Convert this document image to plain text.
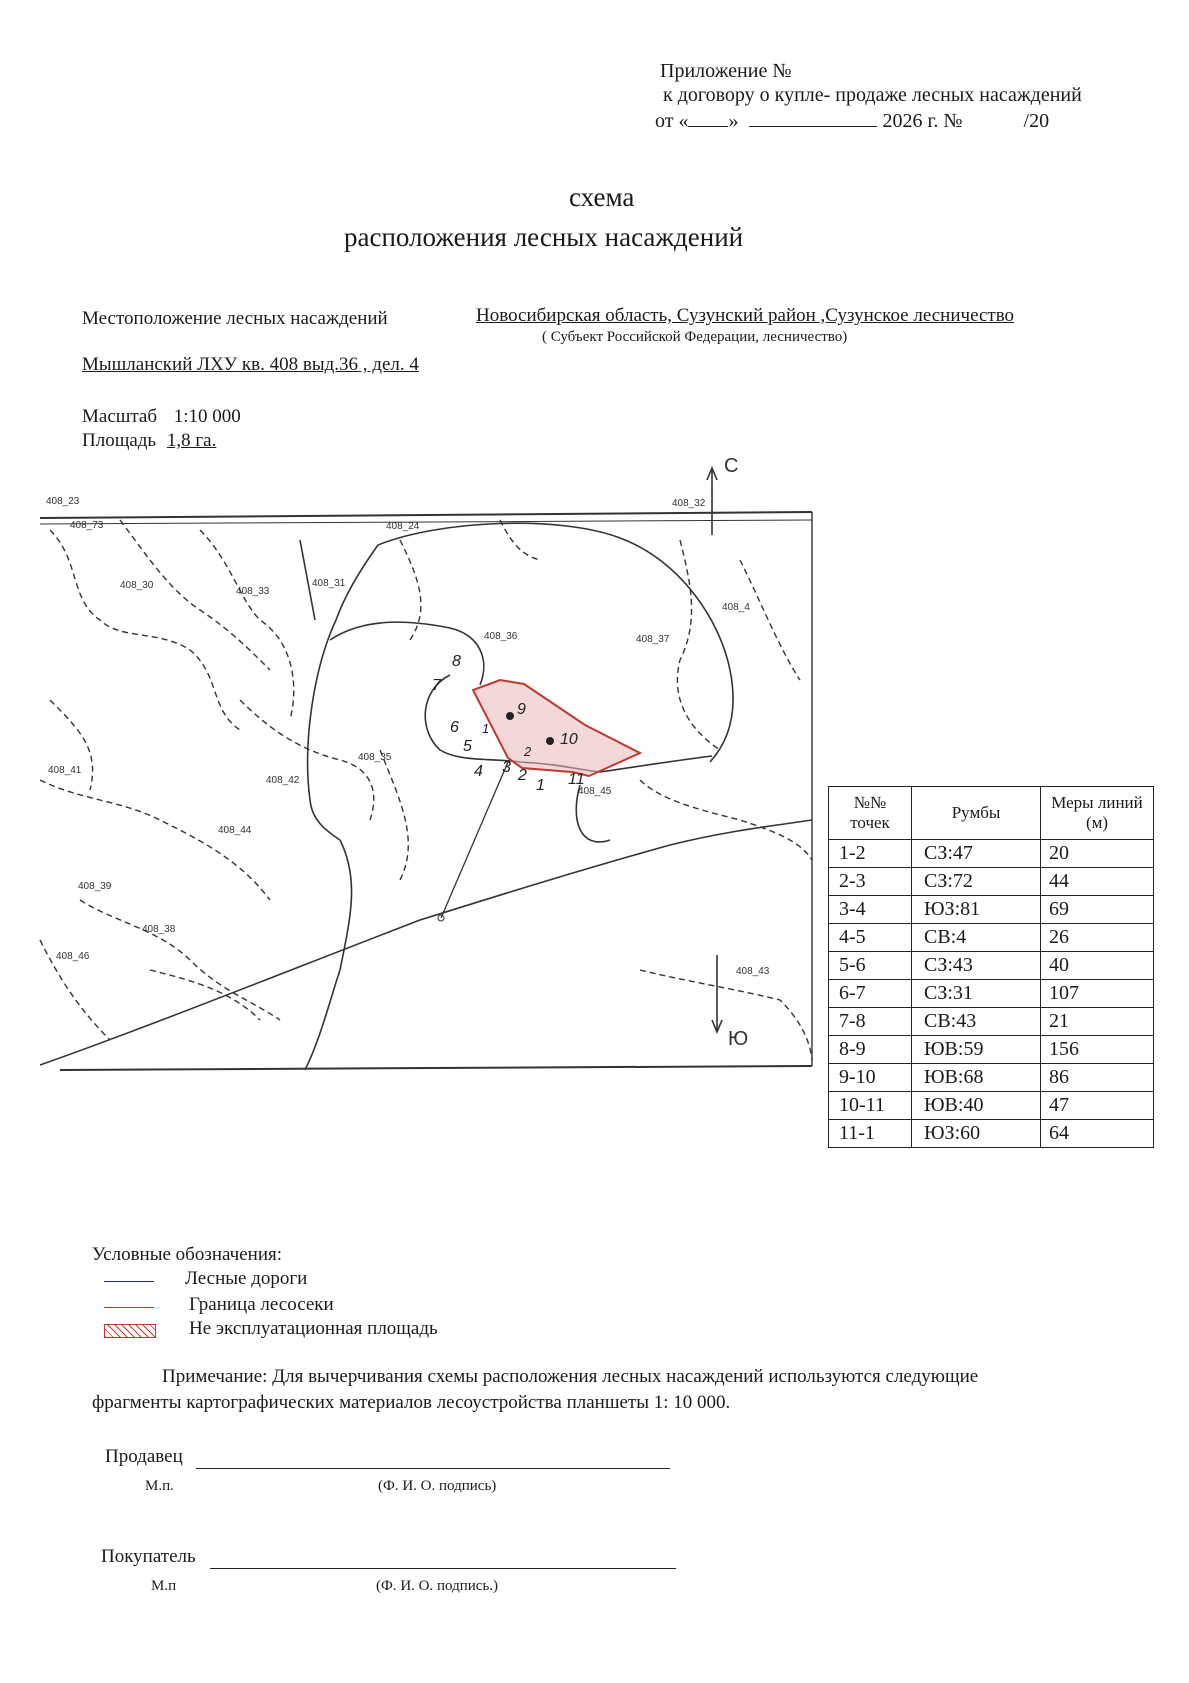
Приложение №
к договору о купле- продаже лесных насаждений
от « »	2026 г. №	/20
схема
расположения лесных насаждений
Местоположение лесных насаждений	Новосибирская область, Сузунский район ,Сузунское лесничество
( Субъект Российской Федерации, лесничество)
Мышланский ЛХУ кв. 408 выд.36 , дел. 4
Масштаб 1:10 000
Площадь 1,8 га.
С
Ю
408_23
408_73	408_24
408_30
408_33
408_31
408_32
408_4
408_37
408_36
408_35
408_41
408_42
408_44
408_45
408_46
408_39
408_38
408_43
1
2
3
4
5
6
7
8
9
10
11
1
2
№№ точек	Румбы	Меры линий (м)
1-2	СЗ:47	20
2-3	СЗ:72	44
3-4	ЮЗ:81	69
4-5	СВ:4	26
5-6	СЗ:43	40
6-7	СЗ:31	107
7-8	СВ:43	21
8-9	ЮВ:59	156
9-10	ЮВ:68	86
10-11	ЮВ:40	47
11-1	ЮЗ:60	64
Условные обозначения:
Лесные дороги
Граница лесосеки
Не эксплуатационная площадь
Примечание: Для вычерчивания схемы расположения лесных насаждений используются следующие
фрагменты картографических материалов лесоустройства планшеты 1: 10 000.
Продавец
М.п.	(Ф. И. О. подпись)
Покупатель
М.п	(Ф. И. О. подпись.)
